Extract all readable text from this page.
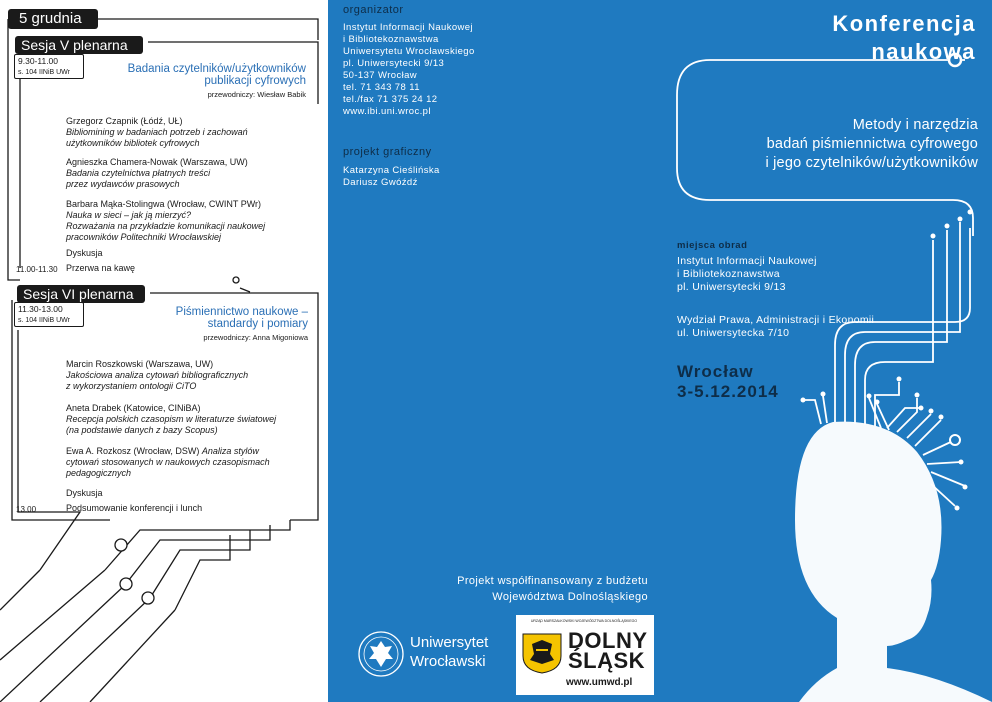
5 grudnia
Sesja V plenarna
9.30-11.00
s. 104 IINiB UWr	Badania czytelników/użytkowników
publikacji cyfrowych
przewodniczy: Wiesław Babik
Grzegorz Czapnik (Łódź, UŁ)
Bibliomining w badaniach potrzeb i zachowań
użytkowników bibliotek cyfrowych
Agnieszka Chamera-Nowak (Warszawa, UW)
Badania czytelnictwa płatnych treści
przez wydawców prasowych
Barbara Mąka-Stolingwa (Wrocław, CWINT PWr)
Nauka w sieci – jak ją mierzyć?
Rozważania na przykładzie komunikacji naukowej
pracowników Politechniki Wrocławskiej
Dyskusja
11.00-11.30 Przerwa na kawę
Sesja VI plenarna
11.30-13.00
s. 104 IINiB UWr
Piśmiennictwo naukowe –
standardy i pomiary
przewodniczy: Anna Migoniowa
Marcin Roszkowski (Warszawa, UW)
Jakościowa analiza cytowań bibliograficznych
z wykorzystaniem ontologii CiTO
Aneta Drabek (Katowice, CINiBA)
Recepcja polskich czasopism w literaturze światowej
(na podstawie danych z bazy Scopus)
Ewa A. Rozkosz (Wrocław, DSW) Analiza stylów
cytowań stosowanych w naukowych czasopismach
pedagogicznych
Dyskusja
13.00	Podsumowanie konferencji i lunch
organizator
Instytut Informacji Naukowej
i Bibliotekoznawstwa
Uniwersytetu Wrocławskiego
pl. Uniwersytecki 9/13
50-137 Wrocław
tel. 71 343 78 11
tel./fax 71 375 24 12
www.ibi.uni.wroc.pl
projekt graficzny
Katarzyna Cieślińska
Dariusz Gwóźdź
Projekt współfinansowany z budżetu
Województwa Dolnośląskiego
Uniwersytet
Wrocławski
URZĄD MARSZAŁKOWSKI WOJEWÓDZTWA DOLNOŚLĄSKIEGO
DOLNY
ŚLĄSK
www.umwd.pl
Konferencja
naukowa
Metody i narzędzia
badań piśmiennictwa cyfrowego
i jego czytelników/użytkowników
miejsca obrad
Instytut Informacji Naukowej
i Bibliotekoznawstwa
pl. Uniwersytecki 9/13
Wydział Prawa, Administracji i Ekonomii
ul. Uniwersytecka 7/10
Wrocław
3-5.12.2014
